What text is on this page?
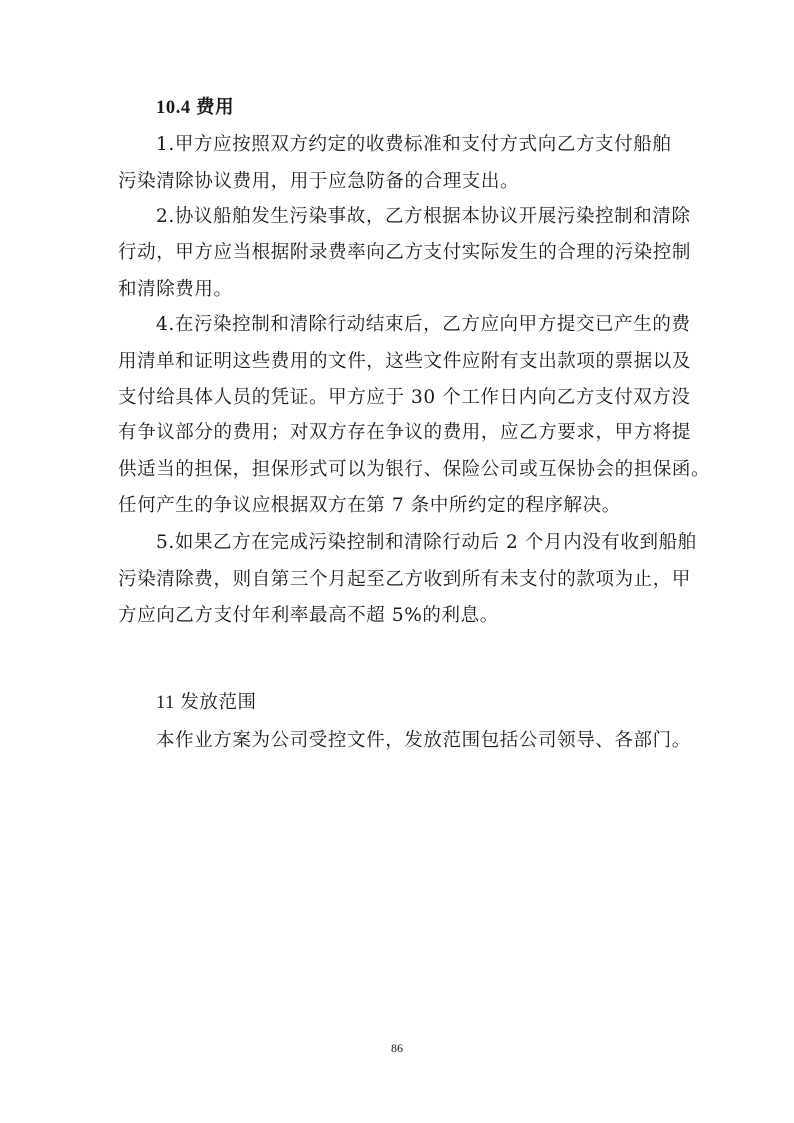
10.4 费用
1.甲方应按照双方约定的收费标准和支付方式向乙方支付船舶
污染清除协议费用，用于应急防备的合理支出。
2.协议船舶发生污染事故，乙方根据本协议开展污染控制和清除
行动，甲方应当根据附录费率向乙方支付实际发生的合理的污染控制
和清除费用。
4.在污染控制和清除行动结束后，乙方应向甲方提交已产生的费
用清单和证明这些费用的文件，这些文件应附有支出款项的票据以及
支付给具体人员的凭证。甲方应于 30 个工作日内向乙方支付双方没
有争议部分的费用；对双方存在争议的费用，应乙方要求，甲方将提
供适当的担保，担保形式可以为银行、保险公司或互保协会的担保函。
任何产生的争议应根据双方在第 7 条中所约定的程序解决。
5.如果乙方在完成污染控制和清除行动后 2 个月内没有收到船舶
污染清除费，则自第三个月起至乙方收到所有未支付的款项为止，甲
方应向乙方支付年利率最高不超 5%的利息。
11 发放范围
本作业方案为公司受控文件，发放范围包括公司领导、各部门。
86
